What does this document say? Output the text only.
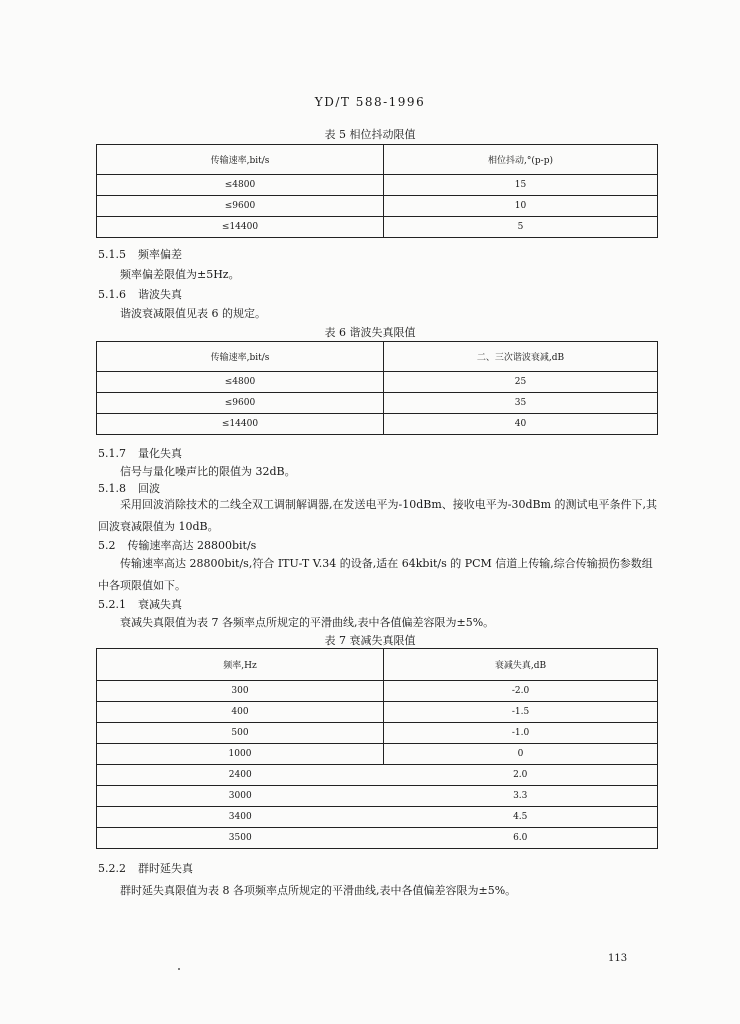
YD/T 588-1996
表 5 相位抖动限值
传输速率,bit/s	相位抖动,°(p-p)
≤4800	15
≤9600	10
≤14400	5
5.1.5 频率偏差
频率偏差限值为±5Hz。
5.1.6 谐波失真
谐波衰减限值见表 6 的规定。
表 6 谐波失真限值
传输速率,bit/s	二、三次谐波衰减,dB
≤4800	25
≤9600	35
≤14400	40
5.1.7 量化失真
信号与量化噪声比的限值为 32dB。
5.1.8 回波
采用回波消除技术的二线全双工调制解调器,在发送电平为-10dBm、接收电平为-30dBm 的测试电平条件下,其回波衰减限值为 10dB。
5.2 传输速率高达 28800bit/s
传输速率高达 28800bit/s,符合 ITU-T V.34 的设备,适在 64kbit/s 的 PCM 信道上传输,综合传输损伤参数组中各项限值如下。
5.2.1 衰减失真
衰减失真限值为表 7 各频率点所规定的平滑曲线,表中各值偏差容限为±5%。
表 7 衰减失真限值
频率,Hz	衰减失真,dB
300	-2.0
400	-1.5
500	-1.0
1000	0
2400	2.0
3000	3.3
3400	4.5
3500	6.0
5.2.2 群时延失真
群时延失真限值为表 8 各项频率点所规定的平滑曲线,表中各值偏差容限为±5%。
113
